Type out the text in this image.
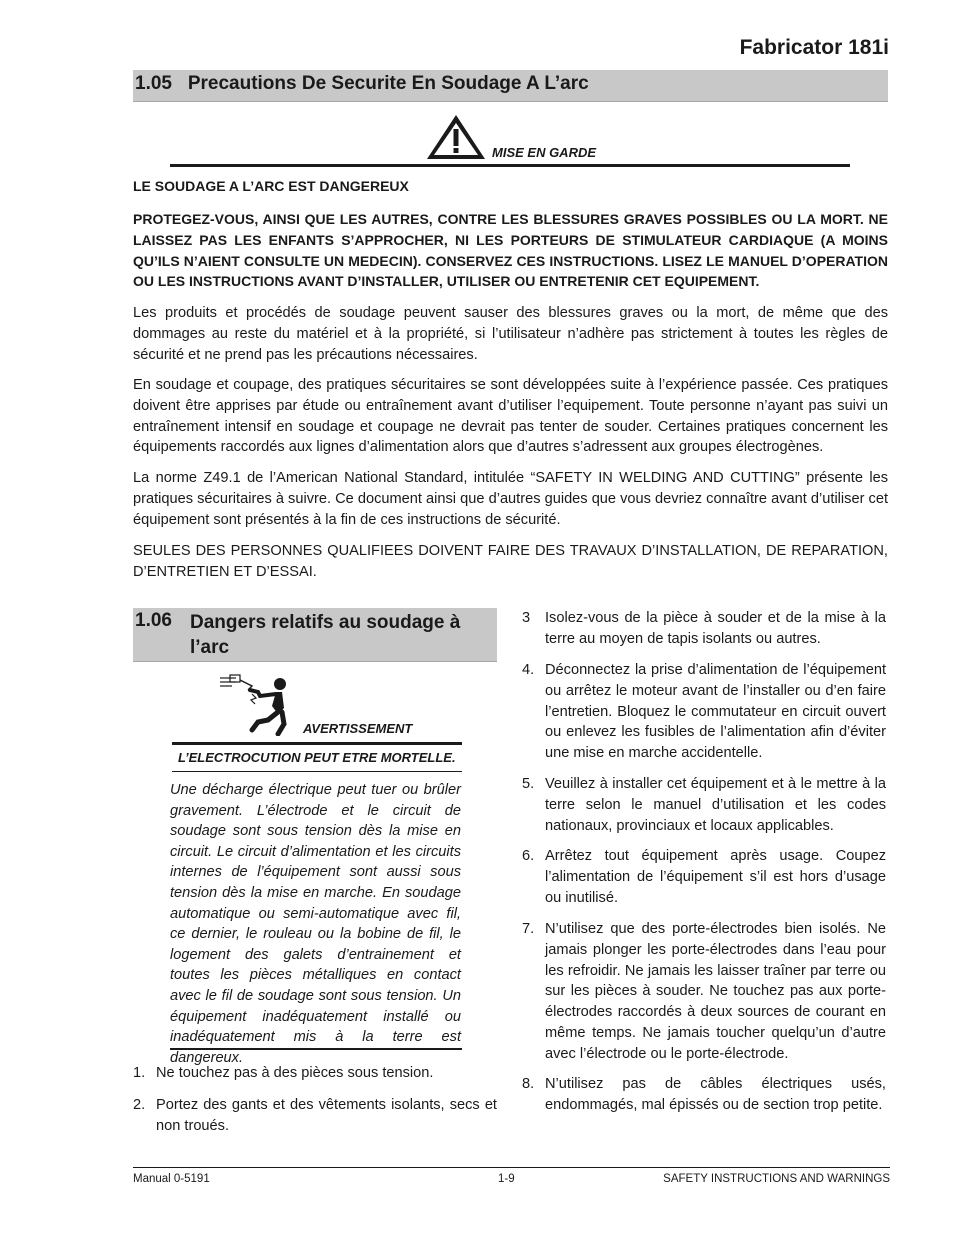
Fabricator 181i
1.05   Precautions De Securite En Soudage A L’arc
MISE EN GARDE
LE SOUDAGE A L’ARC EST DANGEREUX
PROTEGEZ-VOUS, AINSI QUE LES AUTRES, CONTRE LES BLESSURES GRAVES POSSIBLES OU LA MORT. NE LAISSEZ PAS LES ENFANTS S’APPROCHER, NI LES PORTEURS DE STIMULATEUR CARDIAQUE (A MOINS QU’ILS N’AIENT CONSULTE UN MEDECIN). CONSERVEZ CES INSTRUCTIONS. LISEZ LE MANUEL D’OPERATION OU LES INSTRUCTIONS AVANT D’INSTALLER, UTILISER OU ENTRETENIR CET EQUIPEMENT.
Les produits et procédés de soudage peuvent sauser des blessures graves ou la mort, de même que des dommages au reste du matériel et à la propriété, si l’utilisateur n’adhère pas strictement à toutes les règles de sécurité et ne prend pas les précautions nécessaires.
En soudage et coupage, des pratiques sécuritaires se sont développées suite à l’expérience passée. Ces pratiques doivent être apprises par étude ou entraînement avant d’utiliser l’equipement. Toute personne n’ayant pas suivi un entraînement intensif en soudage et coupage ne devrait pas tenter de souder. Certaines pratiques concernent les équipements raccordés aux lignes d’alimentation alors que d’autres s’adressent aux groupes électrogènes.
La norme Z49.1 de l’American National Standard, intitulée “SAFETY IN WELDING AND CUTTING” présente les pratiques sécuritaires à suivre. Ce document ainsi que d’autres guides que vous devriez connaître avant d’utiliser cet équipement sont présentés à la fin de ces instructions de sécurité.
SEULES DES PERSONNES QUALIFIEES DOIVENT FAIRE DES TRAVAUX D’INSTALLATION, DE REPARATION, D’ENTRETIEN ET D’ESSAI.
1.06 Dangers relatifs au soudage à l’arc
AVERTISSEMENT
L’ELECTROCUTION PEUT ETRE MORTELLE.
Une décharge électrique peut tuer ou brûler gravement. L’électrode et le circuit de soudage sont sous tension dès la mise en circuit. Le circuit d’alimentation et les circuits internes de l’équipement sont aussi sous tension dès la mise en marche. En soudage automatique ou semi-automatique avec fil, ce dernier, le rouleau ou la bobine de fil, le logement des galets d’entrainement et toutes les pièces métalliques en contact avec le fil de soudage sont sous tension. Un équipement inadéquatement installé ou inadéquatement mis à la terre est dangereux.
1. Ne touchez pas à des pièces sous tension.
2. Portez des gants et des vêtements isolants, secs et non troués.
3 Isolez-vous de la pièce à souder et de la mise à la terre au moyen de tapis isolants ou autres.
4. Déconnectez la prise d’alimentation de l’équipement ou arrêtez le moteur avant de l’installer ou d’en faire l’entretien. Bloquez le commutateur en circuit ouvert ou enlevez les fusibles de l’alimentation afin d’éviter une mise en marche accidentelle.
5. Veuillez à installer cet équipement et à le mettre à la terre selon le manuel d’utilisation et les codes nationaux, provinciaux et locaux applicables.
6. Arrêtez tout équipement après usage. Coupez l’alimentation de l’équipement s’il est hors d’usage ou inutilisé.
7. N’utilisez que des porte-électrodes bien isolés. Ne jamais plonger les porte-électrodes dans l’eau pour les refroidir. Ne jamais les laisser traîner par terre ou sur les pièces à souder. Ne touchez pas aux porte-électrodes raccordés à deux sources de courant en même temps. Ne jamais toucher quelqu’un d’autre avec l’électrode ou le porte-électrode.
8. N’utilisez pas de câbles électriques usés, endommagés, mal épissés ou de section trop petite.
Manual 0-5191	1-9	SAFETY INSTRUCTIONS AND WARNINGS
